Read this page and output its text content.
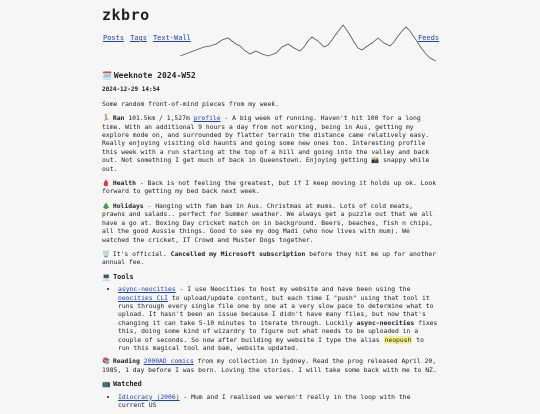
zkbro
Posts Tags Text-Wall	Feeds
🗓️ Weeknote 2024-W52
2024-12-29 14:54

Some random front-of-mind pieces from my week.

🏃 Ran 101.5km / 1,527m profile - A big week of running. Haven't hit 100 for a long time. With an additional 9 hours a day from not working, being in Aus, getting my explore mode on, and surrounded by flatter terrain the distance came relatively easy. Really enjoying visiting old haunts and going some new ones too. Interesting profile this week with a run starting at the top of a hill and going into the valley and back out. Not something I get much of back in Queenstown. Enjoying getting 📸 snappy while out.

🩸 Health - Back is not feeling the greatest, but if I keep moving it holds up ok. Look forward to getting my bed back next week.

🎄 Holidays - Hanging with fam bam in Aus. Christmas at mums. Lots of cold meats, prawns and salads.. perfect for Summer weather. We always get a puzzle out that we all have a go at. Boxing Day cricket match on in background. Beers, beaches, fish n chips, all the good Aussie things. Good to see my dog Madi (who now lives with mum). We watched the cricket, IT Crowd and Muster Dogs together.

🗑️ It's official. Cancelled my Microsoft subscription before they hit me up for another annual fee.

💻 Tools
• async-neocities - I use Neocities to host my website and have been using the neocities CLI to upload/update content, but each time I "push" using that tool it runs through every single file one by one at a very slow pace to determine what to upload. It hasn't been an issue because I didn't have many files, but now that's changing it can take 5-10 minutes to iterate through. Luckily async-neocities fixes this, doing some kind of wizardry to figure out what needs to be uploaded in a couple of seconds. So now after building my website I type the alias neopush to run this magical tool and bam, website updated.

📚 Reading 2000AD comics from my collection in Sydney. Read the prog released April 20, 1985, 1 day before I was born. Loving the stories. I will take some back with me to NZ.

📺 Watched
• Idiocracy (2006) - Mum and I realised we weren't really in the loop with the current US
